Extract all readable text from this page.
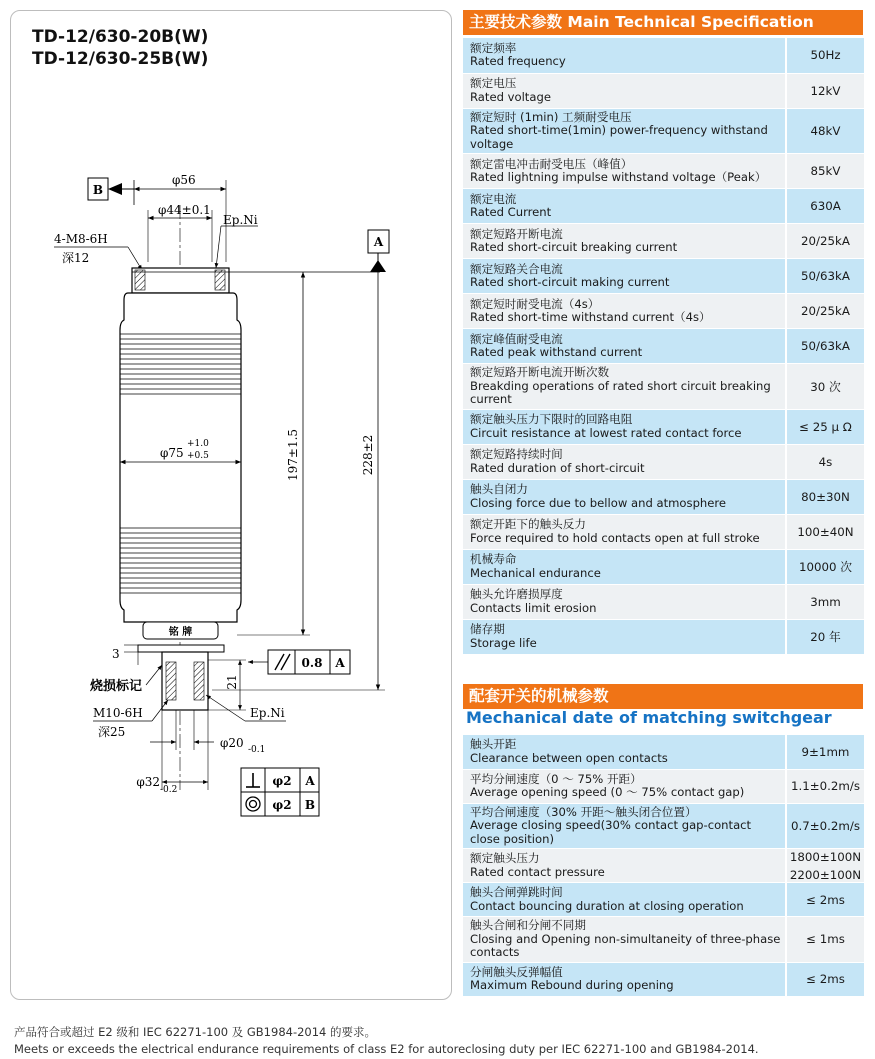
TD-12/630-20B(W)
TD-12/630-25B(W)
B
φ56
φ44±0.1
Ep.Ni
4-M8-6H
深12
A
φ75
+1.0
+0.5
铭 牌
197±1.5	228±2
3
21
0.8 A
烧损标记
M10-6H
深25
Ep.Ni
φ20 -0.1
φ32
-0.2
φ2 A
φ2 B
主要技术参数 Main Technical Specification
额定频率
Rated frequency	50Hz

额定电压
Rated voltage	12kV

额定短时 (1min) 工频耐受电压
Rated short-time(1min) power-frequency withstand voltage	48kV

额定雷电冲击耐受电压（峰值）
Rated lightning impulse withstand voltage（Peak）	85kV

额定电流
Rated Current	630A

额定短路开断电流
Rated short-circuit breaking current	20/25kA

额定短路关合电流
Rated short-circuit making current	50/63kA

额定短时耐受电流（4s）
Rated short-time withstand current（4s）	20/25kA

额定峰值耐受电流
Rated peak withstand current	50/63kA

额定短路开断电流开断次数
Breakding operations of rated short circuit breaking current	30 次

额定触头压力下限时的回路电阻
Circuit resistance at lowest rated contact force	≤ 25 μ Ω

额定短路持续时间
Rated duration of short-circuit	4s

触头自闭力
Closing force due to bellow and atmosphere	80±30N

额定开距下的触头反力
Force required to hold contacts open at full stroke	100±40N

机械寿命
Mechanical endurance	10000 次

触头允许磨损厚度
Contacts limit erosion	3mm

储存期
Storage life	20 年
配套开关的机械参数
Mechanical date of matching switchgear
触头开距
Clearance between open contacts	9±1mm

平均分闸速度（0 ～ 75% 开距）
Average opening speed (0 ～ 75% contact gap)	1.1±0.2m/s

平均合闸速度（30% 开距～触头闭合位置）
Average closing speed(30% contact gap-contact close position)	0.7±0.2m/s

额定触头压力
Rated contact pressure	1800±100N
2200±100N

触头合闸弹跳时间
Contact bouncing duration at closing operation	≤ 2ms

触头合闸和分闸不同期
Closing and Opening non-simultaneity of three-phase contacts	≤ 1ms

分闸触头反弹幅值
Maximum Rebound during opening	≤ 2ms
产品符合或超过 E2 级和 IEC 62271-100 及 GB1984-2014 的要求。
Meets or exceeds the electrical endurance requirements of class E2 for autoreclosing duty per IEC 62271-100 and GB1984-2014.
